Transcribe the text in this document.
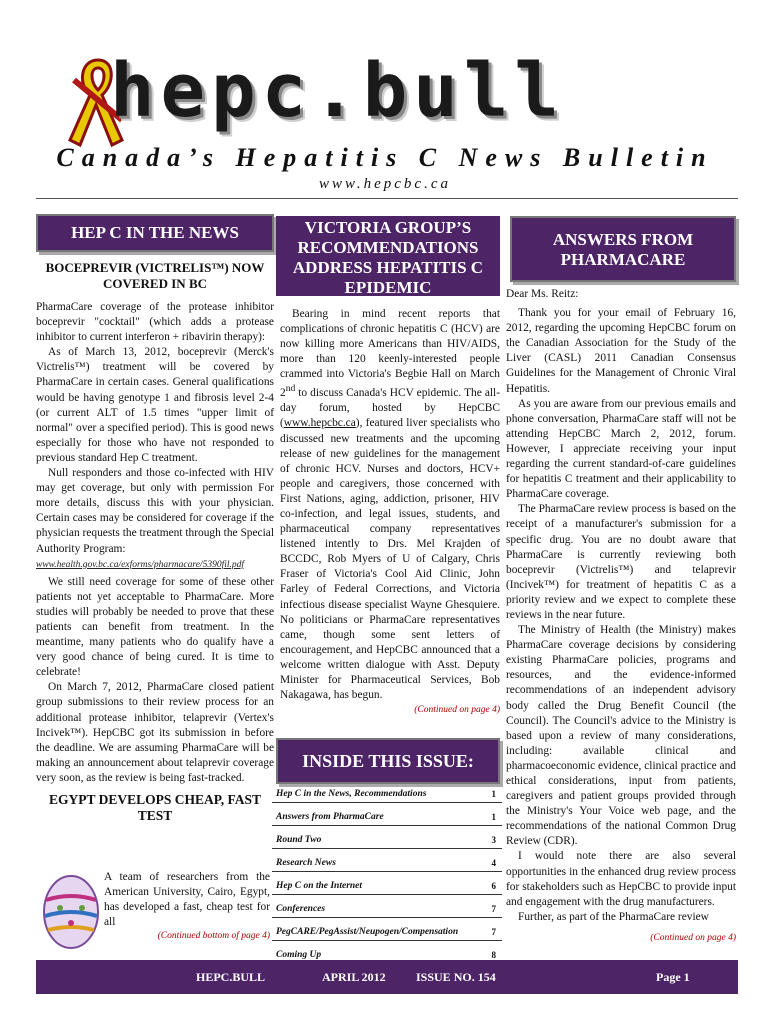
hepc.bull
Canada’s Hepatitis C News Bulletin
www.hepcbc.ca
HEP C IN THE NEWS
BOCEPREVIR (VICTRELIS™) NOW COVERED IN BC

PharmaCare coverage of the protease inhibitor boceprevir "cocktail" (which adds a protease inhibitor to current interferon + ribavirin therapy):

As of March 13, 2012, boceprevir (Merck's Victrelis™) treatment will be covered by PharmaCare in certain cases. General qualifications would be having genotype 1 and fibrosis level 2-4 (or current ALT of 1.5 times "upper limit of normal" over a specified period). This is good news especially for those who have not responded to previous standard Hep C treatment.

Null responders and those co-infected with HIV may get coverage, but only with permission For more details, discuss this with your physician. Certain cases may be considered for coverage if the physician requests the treatment through the Special Authority Program:

www.health.gov.bc.ca/exforms/pharmacare/5390fil.pdf

We still need coverage for some of these other patients not yet acceptable to PharmaCare. More studies will probably be needed to prove that these patients can benefit from treatment. In the meantime, many patients who do qualify have a very good chance of being cured. It is time to celebrate!

On March 7, 2012, PharmaCare closed patient group submissions to their review process for an additional protease inhibitor, telaprevir (Vertex's Incivek™). HepCBC got its submission in before the deadline. We are assuming PharmaCare will be making an announcement about telaprevir coverage very soon, as the review is being fast-tracked.

EGYPT DEVELOPS CHEAP, FAST TEST
A team of researchers from the American University, Cairo, Egypt, has developed a fast, cheap test for all
(Continued bottom of page 4)
VICTORIA GROUP’S RECOMMENDATIONS ADDRESS HEPATITIS C EPIDEMIC

Bearing in mind recent reports that complications of chronic hepatitis C (HCV) are now killing more Americans than HIV/AIDS, more than 120 keenly-interested people crammed into Victoria's Begbie Hall on March 2nd to discuss Canada's HCV epidemic. The all-day forum, hosted by HepCBC (www.hepcbc.ca), featured liver specialists who discussed new treatments and the upcoming release of new guidelines for the management of chronic HCV. Nurses and doctors, HCV+ people and caregivers, those concerned with First Nations, aging, addiction, prisoner, HIV co-infection, and legal issues, students, and pharmaceutical company representatives listened intently to Drs. Mel Krajden of BCCDC, Rob Myers of U of Calgary, Chris Fraser of Victoria's Cool Aid Clinic, John Farley of Federal Corrections, and Victoria infectious disease specialist Wayne Ghesquiere. No politicians or PharmaCare representatives came, though some sent letters of encouragement, and HepCBC announced that a welcome written dialogue with Asst. Deputy Minister for Pharmaceutical Services, Bob Nakagawa, has begun.

(Continued on page 4)
INSIDE THIS ISSUE:
Hep C in the News, Recommendations	1
Answers from PharmaCare	1
Round Two	3
Research News	4
Hep C on the Internet	6
Conferences	7
PegCARE/PegAssist/Neupogen/Compensation	7
Coming Up	8
ANSWERS FROM PHARMACARE

Dear Ms. Reitz:

Thank you for your email of February 16, 2012, regarding the upcoming HepCBC forum on the Canadian Association for the Study of the Liver (CASL) 2011 Canadian Consensus Guidelines for the Management of Chronic Viral Hepatitis.

As you are aware from our previous emails and phone conversation, PharmaCare staff will not be attending HepCBC March 2, 2012, forum. However, I appreciate receiving your input regarding the current standard-of-care guidelines for hepatitis C treatment and their applicability to PharmaCare coverage.

The PharmaCare review process is based on the receipt of a manufacturer's submission for a specific drug. You are no doubt aware that PharmaCare is currently reviewing both boceprevir (Victrelis™) and telaprevir (Incivek™) for treatment of hepatitis C as a priority review and we expect to complete these reviews in the near future.

The Ministry of Health (the Ministry) makes PharmaCare coverage decisions by considering existing PharmaCare policies, programs and resources, and the evidence-informed recommendations of an independent advisory body called the Drug Benefit Council (the Council). The Council's advice to the Ministry is based upon a review of many considerations, including: available clinical and pharmacoeconomic evidence, clinical practice and ethical considerations, input from patients, caregivers and patient groups provided through the Ministry's Your Voice web page, and the recommendations of the national Common Drug Review (CDR).

I would note there are also several opportunities in the enhanced drug review process for stakeholders such as HepCBC to provide input and engagement with the drug manufacturers.

Further, as part of the PharmaCare review

(Continued on page 4)
HEPC.BULL	APRIL 2012	ISSUE NO. 154	Page 1
